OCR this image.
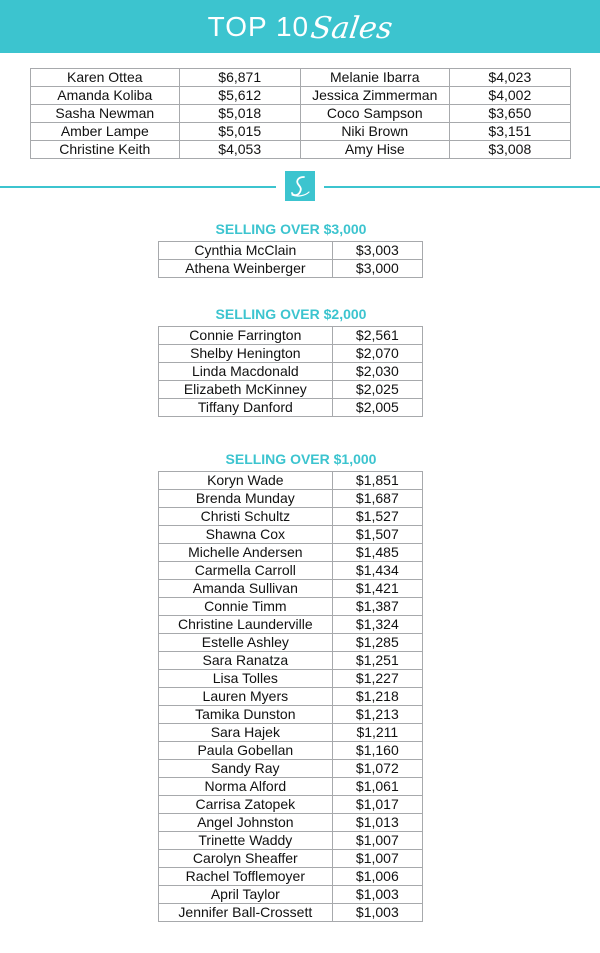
TOP 10 Sales
Karen Ottea	$6,871	Melanie Ibarra	$4,023
Amanda Koliba	$5,612	Jessica Zimmerman	$4,002
Sasha Newman	$5,018	Coco Sampson	$3,650
Amber Lampe	$5,015	Niki Brown	$3,151
Christine Keith	$4,053	Amy Hise	$3,008
SELLING OVER $3,000
Cynthia McClain	$3,003
Athena Weinberger	$3,000
SELLING OVER $2,000
Connie Farrington	$2,561
Shelby Henington	$2,070
Linda Macdonald	$2,030
Elizabeth McKinney	$2,025
Tiffany Danford	$2,005
SELLING OVER $1,000
Koryn Wade	$1,851
Brenda Munday	$1,687
Christi Schultz	$1,527
Shawna Cox	$1,507
Michelle Andersen	$1,485
Carmella Carroll	$1,434
Amanda Sullivan	$1,421
Connie Timm	$1,387
Christine Launderville	$1,324
Estelle Ashley	$1,285
Sara Ranatza	$1,251
Lisa Tolles	$1,227
Lauren Myers	$1,218
Tamika Dunston	$1,213
Sara Hajek	$1,211
Paula Gobellan	$1,160
Sandy Ray	$1,072
Norma Alford	$1,061
Carrisa Zatopek	$1,017
Angel Johnston	$1,013
Trinette Waddy	$1,007
Carolyn Sheaffer	$1,007
Rachel Tofflemoyer	$1,006
April Taylor	$1,003
Jennifer Ball-Crossett	$1,003
